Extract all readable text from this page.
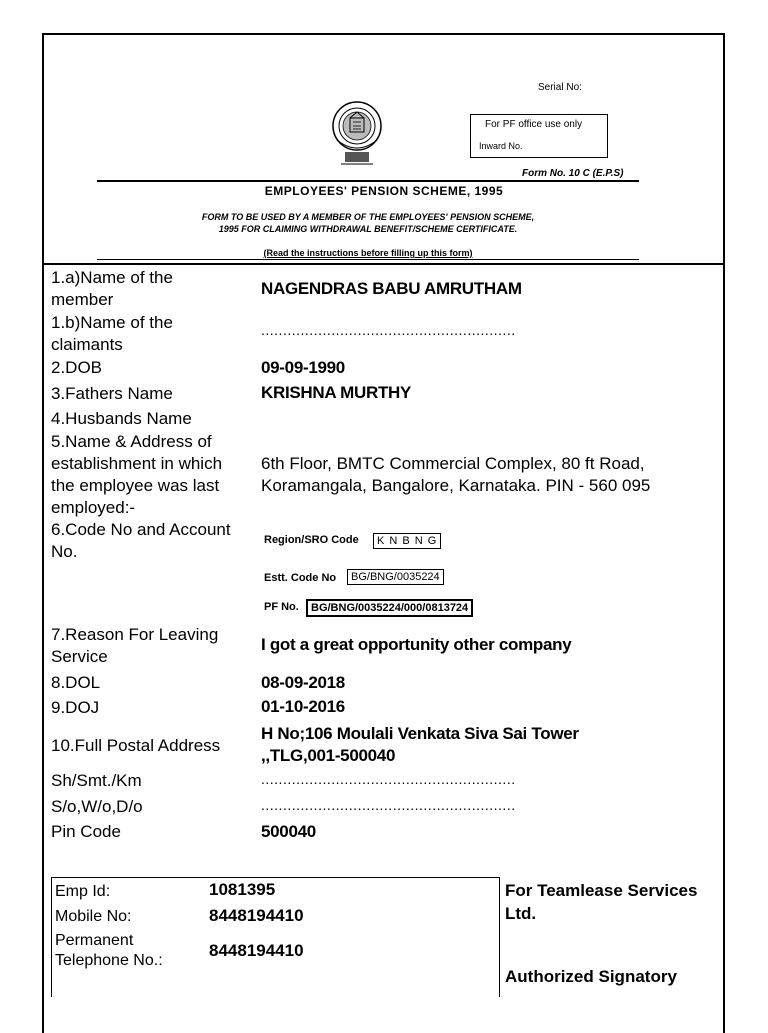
Serial No:
For PF office use only
Inward No.
Form No. 10 C (E.P.S)
EMPLOYEES' PENSION SCHEME, 1995
FORM TO BE USED BY A MEMBER OF THE EMPLOYEES' PENSION SCHEME,
1995 FOR CLAIMING WITHDRAWAL BENEFIT/SCHEME CERTIFICATE.
(Read the instructions before filling up this form)
1.a)Name of the
member
NAGENDRAS BABU AMRUTHAM
1.b)Name of the
claimants
..........................................................
2.DOB	09-09-1990
3.Fathers Name	KRISHNA MURTHY
4.Husbands Name
5.Name & Address of
establishment in which
the employee was last
employed:-
6th Floor, BMTC Commercial Complex, 80 ft Road,
Koramangala, Bangalore, Karnataka. PIN - 560 095
6.Code No and Account
No.
Region/SRO Code	K N B N G
Estt. Code No	BG/BNG/0035224
PF No.	BG/BNG/0035224/000/0813724
7.Reason For Leaving
Service
I got a great opportunity other company
8.DOL	08-09-2018
9.DOJ	01-10-2016
10.Full Postal Address
H No;106 Moulali Venkata Siva Sai Tower
,,TLG,001-500040
Sh/Smt./Km	..........................................................
S/o,W/o,D/o	..........................................................
Pin Code	500040
Emp Id:	1081395
Mobile No:	8448194410
Permanent
Telephone No.:
8448194410
For Teamlease Services
Ltd.
Authorized Signatory
